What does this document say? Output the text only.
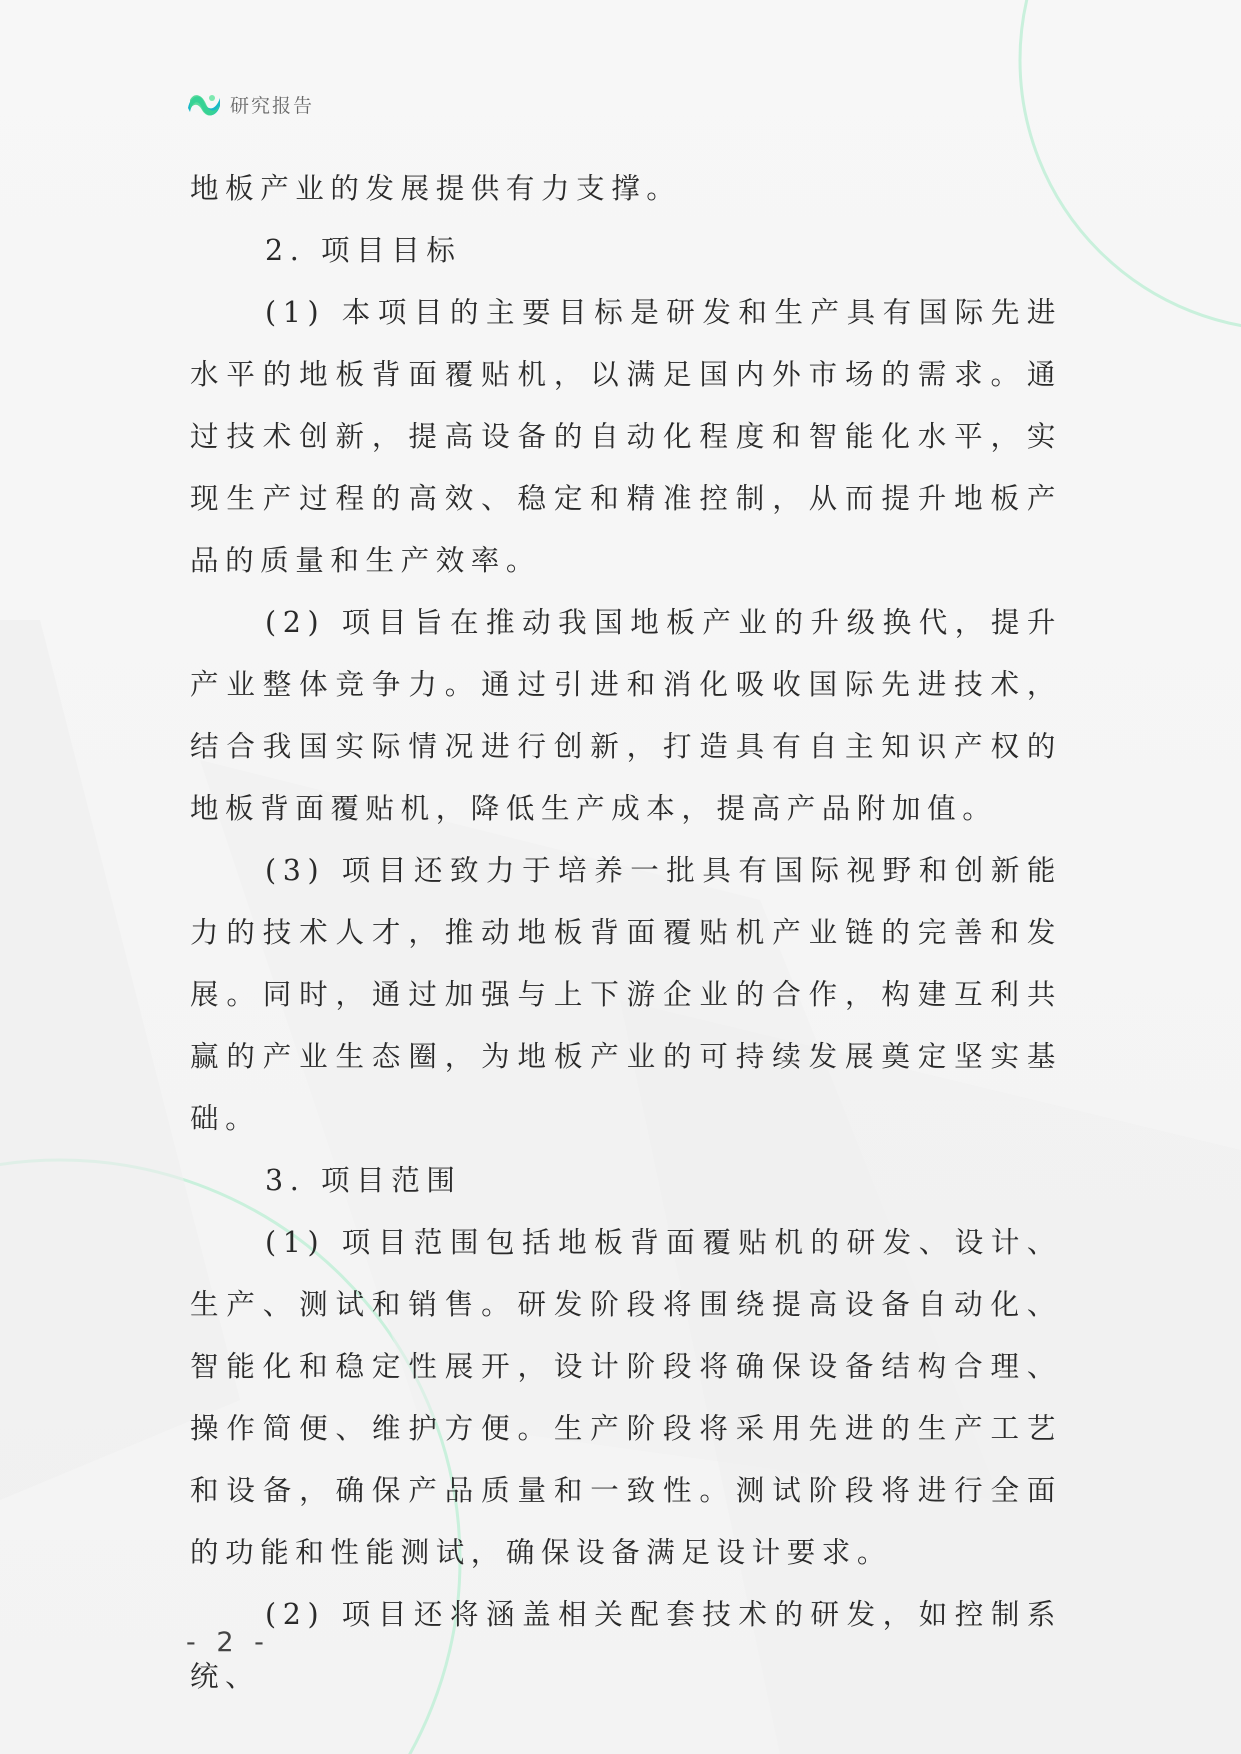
研究报告

地板产业的发展提供有力支撑。

2. 项目目标

(1) 本项目的主要目标是研发和生产具有国际先进水平的地板背面覆贴机，以满足国内外市场的需求。通过技术创新，提高设备的自动化程度和智能化水平，实现生产过程的高效、稳定和精准控制，从而提升地板产品的质量和生产效率。

(2) 项目旨在推动我国地板产业的升级换代，提升产业整体竞争力。通过引进和消化吸收国际先进技术，结合我国实际情况进行创新，打造具有自主知识产权的地板背面覆贴机，降低生产成本，提高产品附加值。

(3) 项目还致力于培养一批具有国际视野和创新能力的技术人才，推动地板背面覆贴机产业链的完善和发展。同时，通过加强与上下游企业的合作，构建互利共赢的产业生态圈，为地板产业的可持续发展奠定坚实基础。

3. 项目范围

(1) 项目范围包括地板背面覆贴机的研发、设计、生产、测试和销售。研发阶段将围绕提高设备自动化、智能化和稳定性展开，设计阶段将确保设备结构合理、操作简便、维护方便。生产阶段将采用先进的生产工艺和设备，确保产品质量和一致性。测试阶段将进行全面的功能和性能测试，确保设备满足设计要求。

(2) 项目还将涵盖相关配套技术的研发，如控制系统、

- 2 -
